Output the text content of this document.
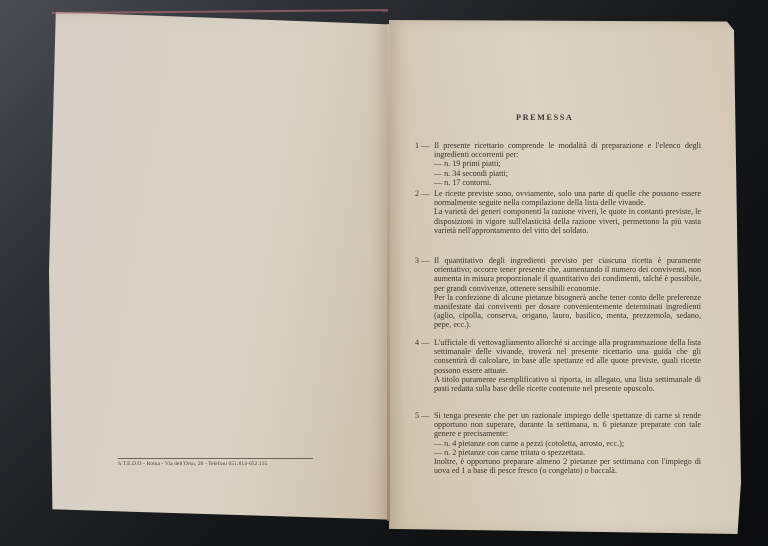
S.T.E.D.O - Roma - Via dell'Orso, 28 - Telefoni 651.814-652.135
PREMESSA
1 — Il presente ricettario comprende le modalità di preparazione e l'elenco degli ingredienti occorrenti per:

— n. 19 primi piatti;
— n. 34 secondi piatti;
— n. 17 contorni.
2 — Le ricette previste sono, ovviamente, solo una parte di quelle che possono essere normalmente seguite nella compilazione della lista delle vivande.

La varietà dei generi componenti la razione viveri, le quote in contanti previste, le disposizioni in vigore sull'elasticità della razione viveri, permettono la più vasta varietà nell'approntamento del vitto del soldato.

3 — Il quantitativo degli ingredienti previsto per ciascuna ricetta è puramente orientativo; occorre tener presente che, aumentando il numero dei conviventi, non aumenta in misura proporzionale il quantitativo dei condimenti, talché è possibile, per grandi convivenze, ottenere sensibili economie.

Per la confezione di alcune pietanze bisognerà anche tener conto delle preferenze manifestate dai conviventi per dosare convenientemente determinati ingredienti (aglio, cipolla, conserva, origano, lauro, basilico, menta, prezzemolo, sedano, pepe, ecc.).

4 — L'ufficiale di vettovagliamento allorché si accinge alla programmazione della lista settimanale delle vivande, troverà nel presente ricettario una guida che gli consentirà di calcolare, in base alle spettanze ed alle quote previste, quali ricette possono essere attuate.

A titolo puramente esemplificativo si riporta, in allegato, una lista settimanale di pasti redatta sulla base delle ricette contenute nel presente opuscolo.

5 — Si tenga presente che per un razionale impiego delle spettanze di carne si rende opportuno non superare, durante la settimana, n. 6 pietanze preparate con tale genere e precisamente:

— n. 4 pietanze con carne a pezzi (cotoletta, arrosto, ecc.);
— n. 2 pietanze con carne tritata o spezzettata.

Inoltre, è opportuno preparare almeno 2 pietanze per settimana con l'impiego di uova ed 1 a base di pesce fresco (o congelato) o baccalà.
